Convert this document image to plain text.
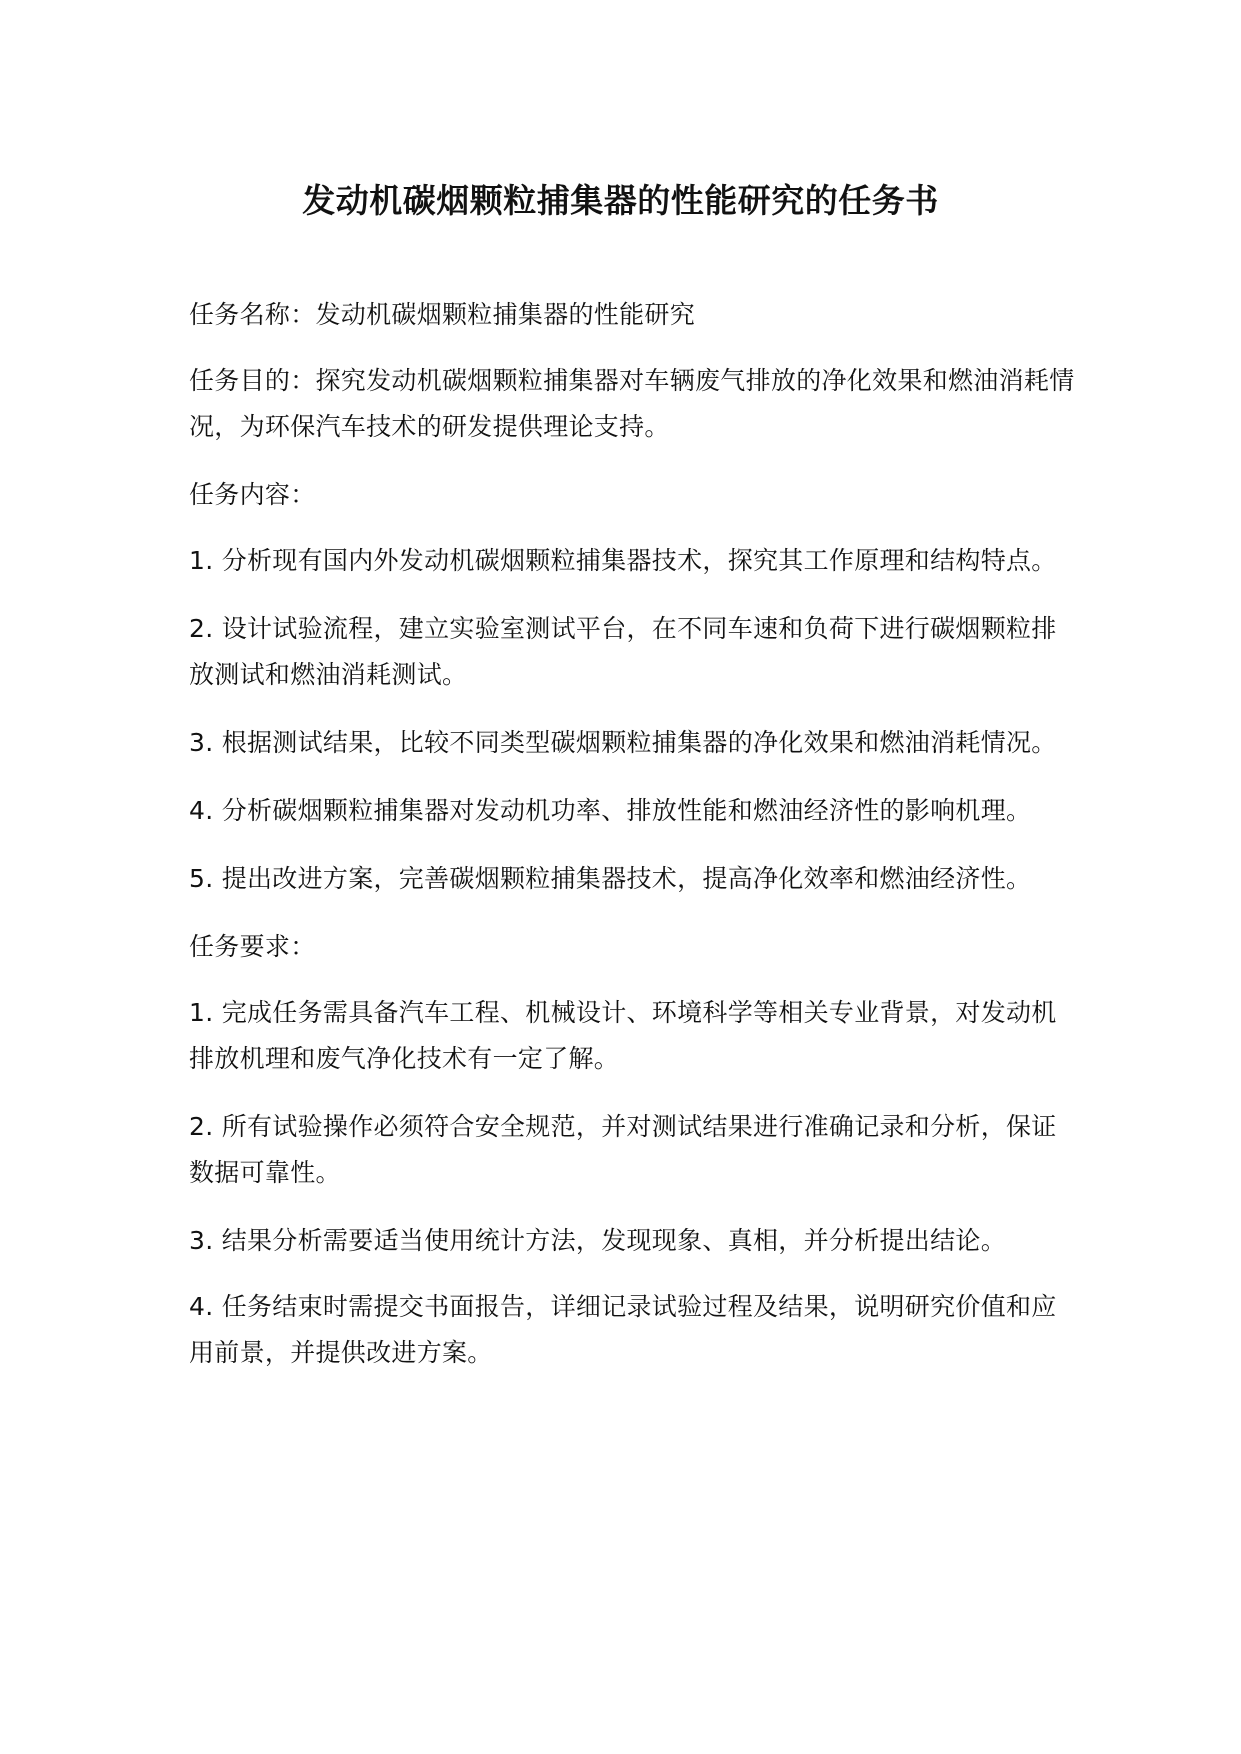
发动机碳烟颗粒捕集器的性能研究的任务书

任务名称：发动机碳烟颗粒捕集器的性能研究

任务目的：探究发动机碳烟颗粒捕集器对车辆废气排放的净化效果和燃油消耗情况，为环保汽车技术的研发提供理论支持。

任务内容：

1. 分析现有国内外发动机碳烟颗粒捕集器技术，探究其工作原理和结构特点。

2. 设计试验流程，建立实验室测试平台，在不同车速和负荷下进行碳烟颗粒排放测试和燃油消耗测试。

3. 根据测试结果，比较不同类型碳烟颗粒捕集器的净化效果和燃油消耗情况。

4. 分析碳烟颗粒捕集器对发动机功率、排放性能和燃油经济性的影响机理。

5. 提出改进方案，完善碳烟颗粒捕集器技术，提高净化效率和燃油经济性。

任务要求：

1. 完成任务需具备汽车工程、机械设计、环境科学等相关专业背景，对发动机排放机理和废气净化技术有一定了解。

2. 所有试验操作必须符合安全规范，并对测试结果进行准确记录和分析，保证数据可靠性。

3. 结果分析需要适当使用统计方法，发现现象、真相，并分析提出结论。

4. 任务结束时需提交书面报告，详细记录试验过程及结果，说明研究价值和应用前景，并提供改进方案。
